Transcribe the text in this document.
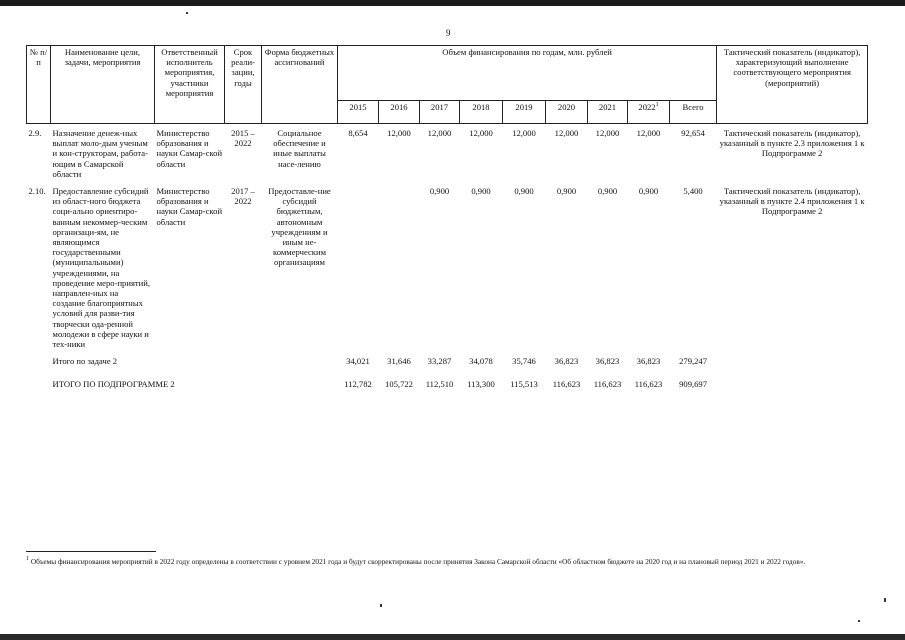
9
№ п/п	Наименование цели, задачи, мероприятия	Ответственный исполнитель мероприятия, участники мероприятия	Срок реали-зации, годы	Форма бюджетных ассигнований	Объем финансирования по годам, млн. рублей									Тактический показатель (индикатор), характеризующий выполнение соответствующего мероприятия (мероприятий)
					2015	2016	2017	2018	2019	2020	2021	2022$^1$	Всего	
2.9.	Назначение денеж-ных выплат моло-дым ученым и кон-структорам, работа-ющим в Самарской области	Министерство образования и науки Самар-ской области	2015 – 2022	Социальное обеспечение и иные выплаты насе-лению	8,654	12,000	12,000	12,000	12,000	12,000	12,000	12,000	92,654	Тактический показатель (индикатор), указанный в пункте 2.3 приложения 1 к Подпрограмме 2
2.10.	Предоставление субсидий из област-ного бюджета соци-ально ориентиро-ванным некоммер-ческим организаци-ям, не являющимся государственными (муниципальными) учреждениями, на проведение меро-приятий, направлен-ных на создание благоприятных условий для разви-тия творчески ода-ренной молодежи в сфере науки и тех-ники	Министерство образования и науки Самар-ской области	2017 – 2022	Предоставле-ние субсидий бюджетным, автономным учреждениям и иным не-коммерческим организациям			0,900	0,900	0,900	0,900	0,900	0,900	5,400	Тактический показатель (индикатор), указанный в пункте 2.4 приложения 1 к Подпрограмме 2
	Итого по задаче 2				34,021	31,646	33,287	34,078	35,746	36,823	36,823	36,823	279,247	
	ИТОГО ПО ПОДПРОГРАММЕ 2				112,782	105,722	112,510	113,300	115,513	116,623	116,623	116,623	909,697	
$^1$ Объемы финансирования мероприятий в 2022 году определены в соответствии с уровнем 2021 года и будут скорректированы после принятия Закона Самарской области «Об областном бюджете на 2020 год и на плановый период 2021 и 2022 годов».
